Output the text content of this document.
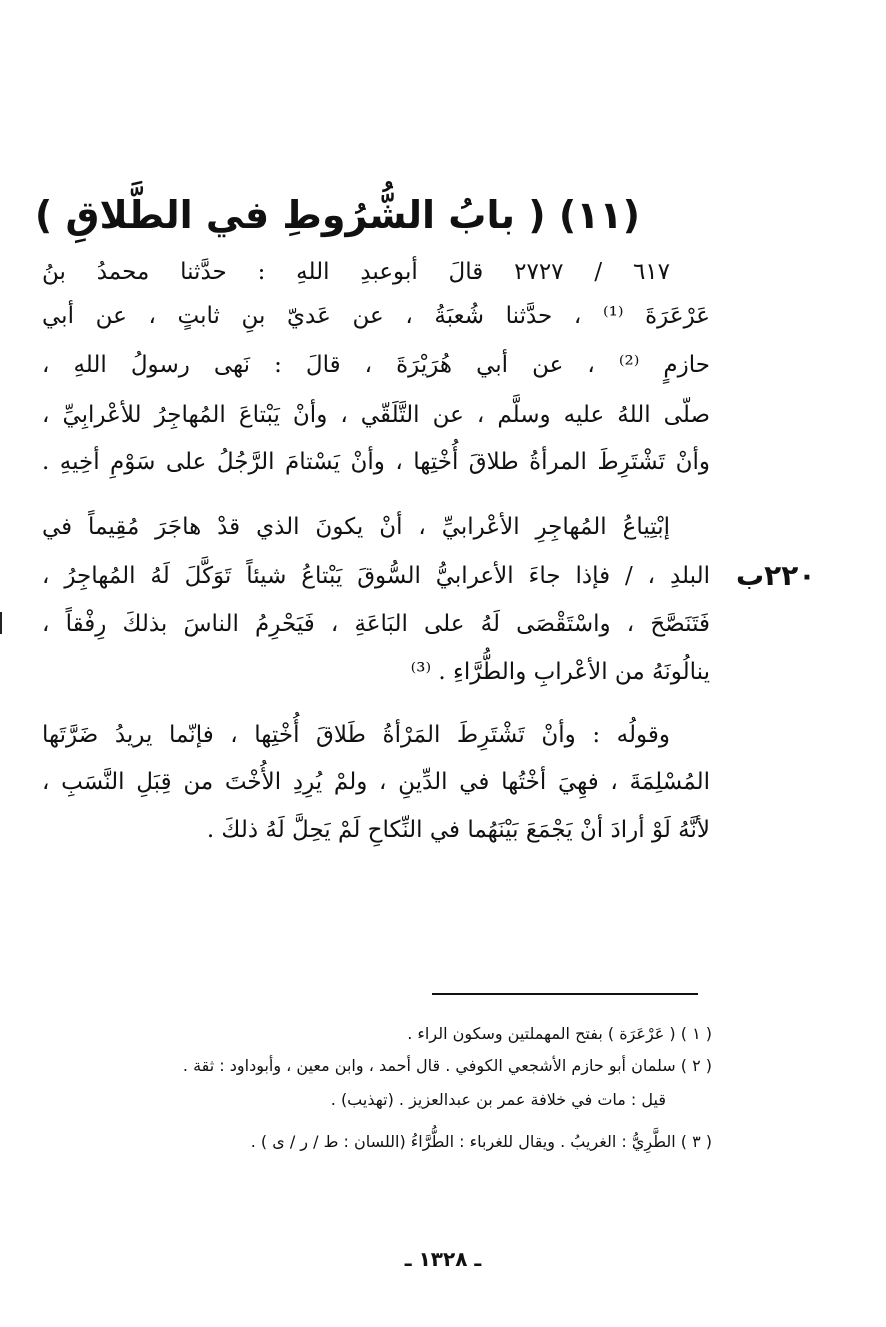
(١١) ( بابُ الشُّرُوطِ في الطَّلاقِ )
٦١٧ / ٢٧٢٧ قالَ أبوعبدِ اللهِ : حدَّثنا محمدُ بنُ
عَرْعَرَةَ ⁽¹⁾ ، حدَّثنا شُعبَةُ ، عن عَديّ بنِ ثابتٍ ، عن أبي
حازمٍ ⁽²⁾ ، عن أبي هُرَيْرَةَ ، قالَ : نَهى رسولُ اللهِ ،
صلّى اللهُ عليه وسلَّم ، عن التَّلَقّي ، وأنْ يَبْتاعَ المُهاجِرُ للأعْرابِيِّ ،
وأنْ تَشْتَرِطَ المرأةُ طلاقَ أُخْتِها ، وأنْ يَسْتامَ الرَّجُلُ على سَوْمِ أخِيهِ .
إبْتِياعُ المُهاجِرِ الأعْرابيِّ ، أنْ يكونَ الذي قدْ هاجَرَ مُقِيماً في
البلدِ ، / فإذا جاءَ الأعرابيُّ السُّوقَ يَبْتاعُ شيئاً تَوَكَّلَ لَهُ المُهاجِرُ ،
فَتَنَصَّحَ ، واسْتَقْصَى لَهُ على البَاعَةِ ، فَيَحْرِمُ الناسَ بذلكَ رِفْقاً ،
ينالُونَهُ من الأعْرابِ والطُّرَّاءِ . ⁽³⁾
وقولُه : وأنْ تَشْتَرِطَ المَرْأةُ طَلاقَ أُخْتِها ، فإنّما يريدُ ضَرَّتَها
المُسْلِمَةَ ، فهِيَ أخْتُها في الدِّينِ ، ولمْ يُرِدِ الأُخْتَ من قِبَلِ النَّسَبِ ،
لأنَّهُ لَوْ أرادَ أنْ يَجْمَعَ بَيْنَهُما في النِّكاحِ لَمْ يَحِلَّ لَهُ ذلكَ .
٢٢٠ب
( ١ ) ( عَرْعَرَة ) بفتح المهملتين وسكون الراء .
( ٢ ) سلمان أبو حازم الأشجعي الكوفي . قال أحمد ، وابن معين ، وأبوداود : ثقة .
قيل : مات في خلافة عمر بن عبدالعزيز . (تهذيب) .
( ٣ ) الطَّرِيُّ : الغريبُ . ويقال للغرباء : الطُّرَّاءُ (اللسان : ط / ر / ى ) .
ـ ١٣٢٨ ـ
